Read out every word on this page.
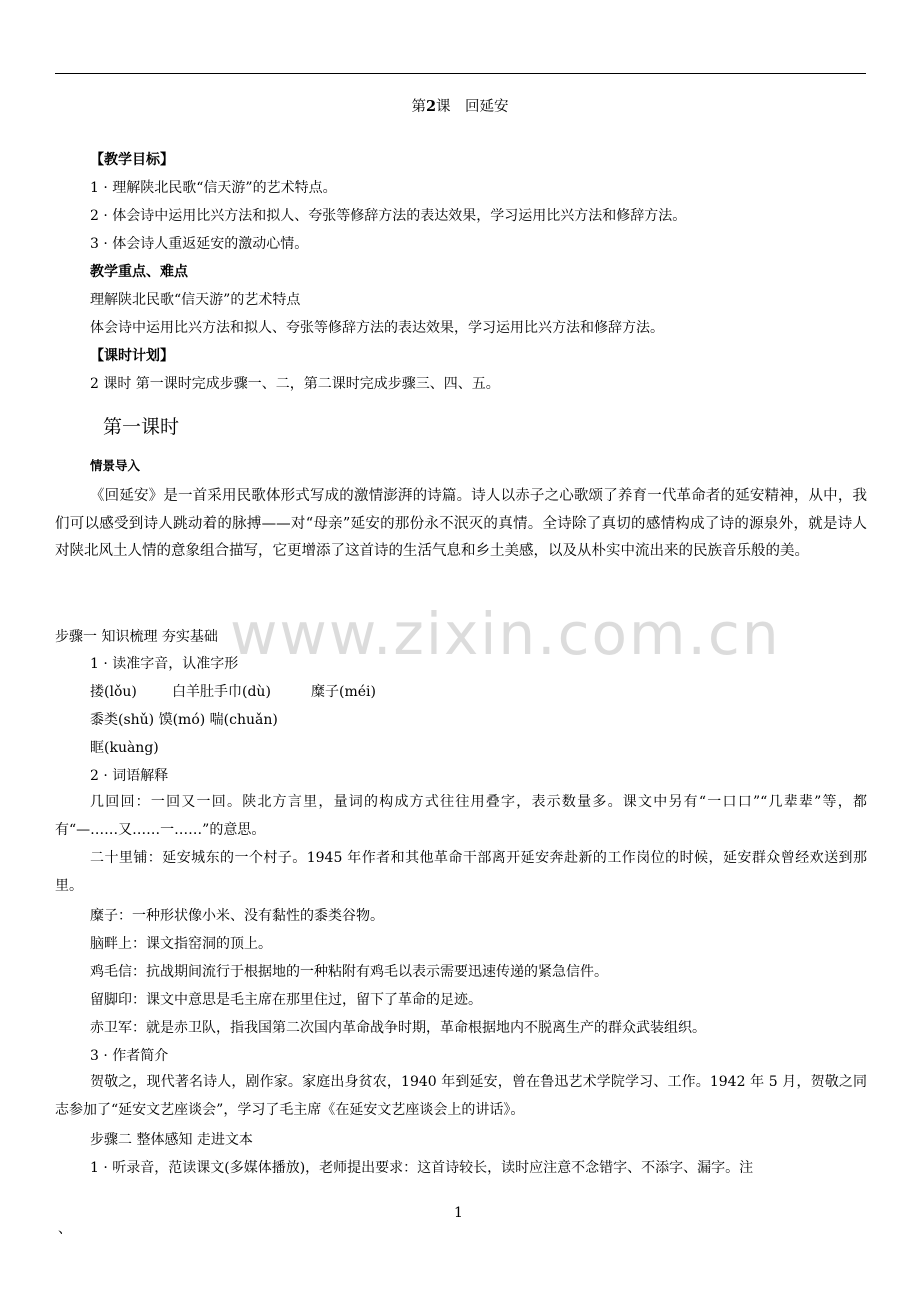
第2课　回延安
【教学目标】
1 · 理解陕北民歌“信天游”的艺术特点。
2 · 体会诗中运用比兴方法和拟人、夸张等修辞方法的表达效果，学习运用比兴方法和修辞方法。
3 · 体会诗人重返延安的激动心情。
教学重点、难点
理解陕北民歌“信天游”的艺术特点
体会诗中运用比兴方法和拟人、夸张等修辞方法的表达效果，学习运用比兴方法和修辞方法。
【课时计划】
2 课时 第一课时完成步骤一、二，第二课时完成步骤三、四、五。
第一课时
情景导入
《回延安》是一首采用民歌体形式写成的激情澎湃的诗篇。诗人以赤子之心歌颂了养育一代革命者的延安精神，从中，我们可以感受到诗人跳动着的脉搏——对“母亲”延安的那份永不泯灭的真情。全诗除了真切的感情构成了诗的源泉外，就是诗人对陕北风土人情的意象组合描写，它更增添了这首诗的生活气息和乡土美感，以及从朴实中流出来的民族音乐般的美。
www.zixin.com.cn
步骤一 知识梳理 夯实基础
1 · 读准字音，认准字形
搂(lǒu)	白羊肚手巾(dù)	糜子(méi)
黍类(shǔ) 馍(mó) 喘(chuǎn)
眶(kuàng)
2 · 词语解释
几回回：一回又一回。陕北方言里，量词的构成方式往往用叠字，表示数量多。课文中另有“一口口”“几辈辈”等，都有“—……又……一……”的意思。
二十里铺：延安城东的一个村子。1945 年作者和其他革命干部离开延安奔赴新的工作岗位的时候，延安群众曾经欢送到那里。
糜子：一种形状像小米、没有黏性的黍类谷物。
脑畔上：课文指窑洞的顶上。
鸡毛信：抗战期间流行于根据地的一种粘附有鸡毛以表示需要迅速传递的紧急信件。
留脚印：课文中意思是毛主席在那里住过，留下了革命的足迹。
赤卫军：就是赤卫队，指我国第二次国内革命战争时期，革命根据地内不脱离生产的群众武装组织。
3 · 作者简介
贺敬之，现代著名诗人，剧作家。家庭出身贫农，1940 年到延安，曾在鲁迅艺术学院学习、工作。1942 年 5 月，贺敬之同志参加了“延安文艺座谈会”，学习了毛主席《在延安文艺座谈会上的讲话》。
步骤二 整体感知 走进文本
1 · 听录音，范读课文(多媒体播放)，老师提出要求：这首诗较长，读时应注意不念错字、不添字、漏字。注
1
、
